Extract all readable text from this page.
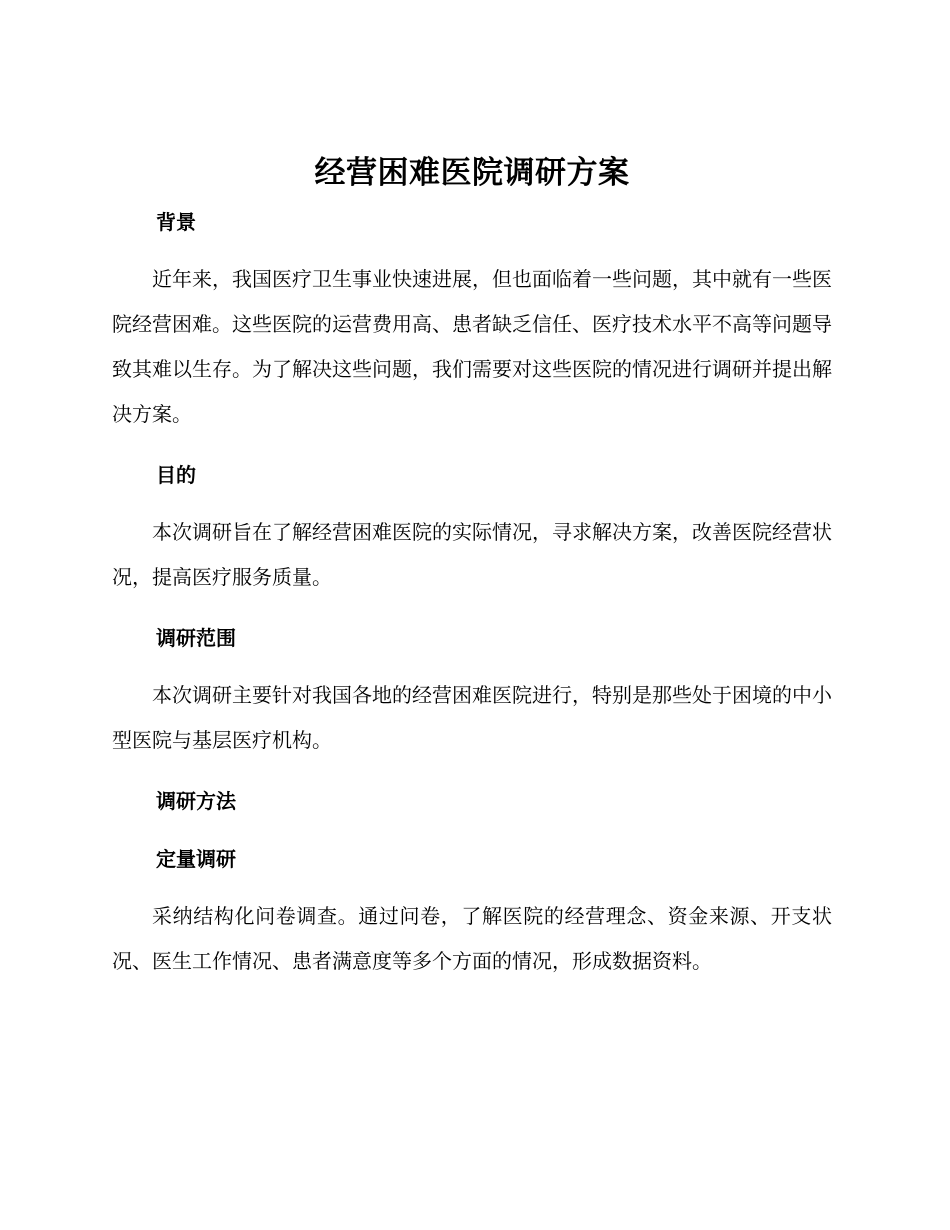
经营困难医院调研方案
背景

近年来，我国医疗卫生事业快速进展，但也面临着一些问题，其中就有一些医院经营困难。这些医院的运营费用高、患者缺乏信任、医疗技术水平不高等问题导致其难以生存。为了解决这些问题，我们需要对这些医院的情况进行调研并提出解决方案。

目的

本次调研旨在了解经营困难医院的实际情况，寻求解决方案，改善医院经营状况，提高医疗服务质量。

调研范围

本次调研主要针对我国各地的经营困难医院进行，特别是那些处于困境的中小型医院与基层医疗机构。

调研方法
定量调研

采纳结构化问卷调查。通过问卷，了解医院的经营理念、资金来源、开支状况、医生工作情况、患者满意度等多个方面的情况，形成数据资料。
